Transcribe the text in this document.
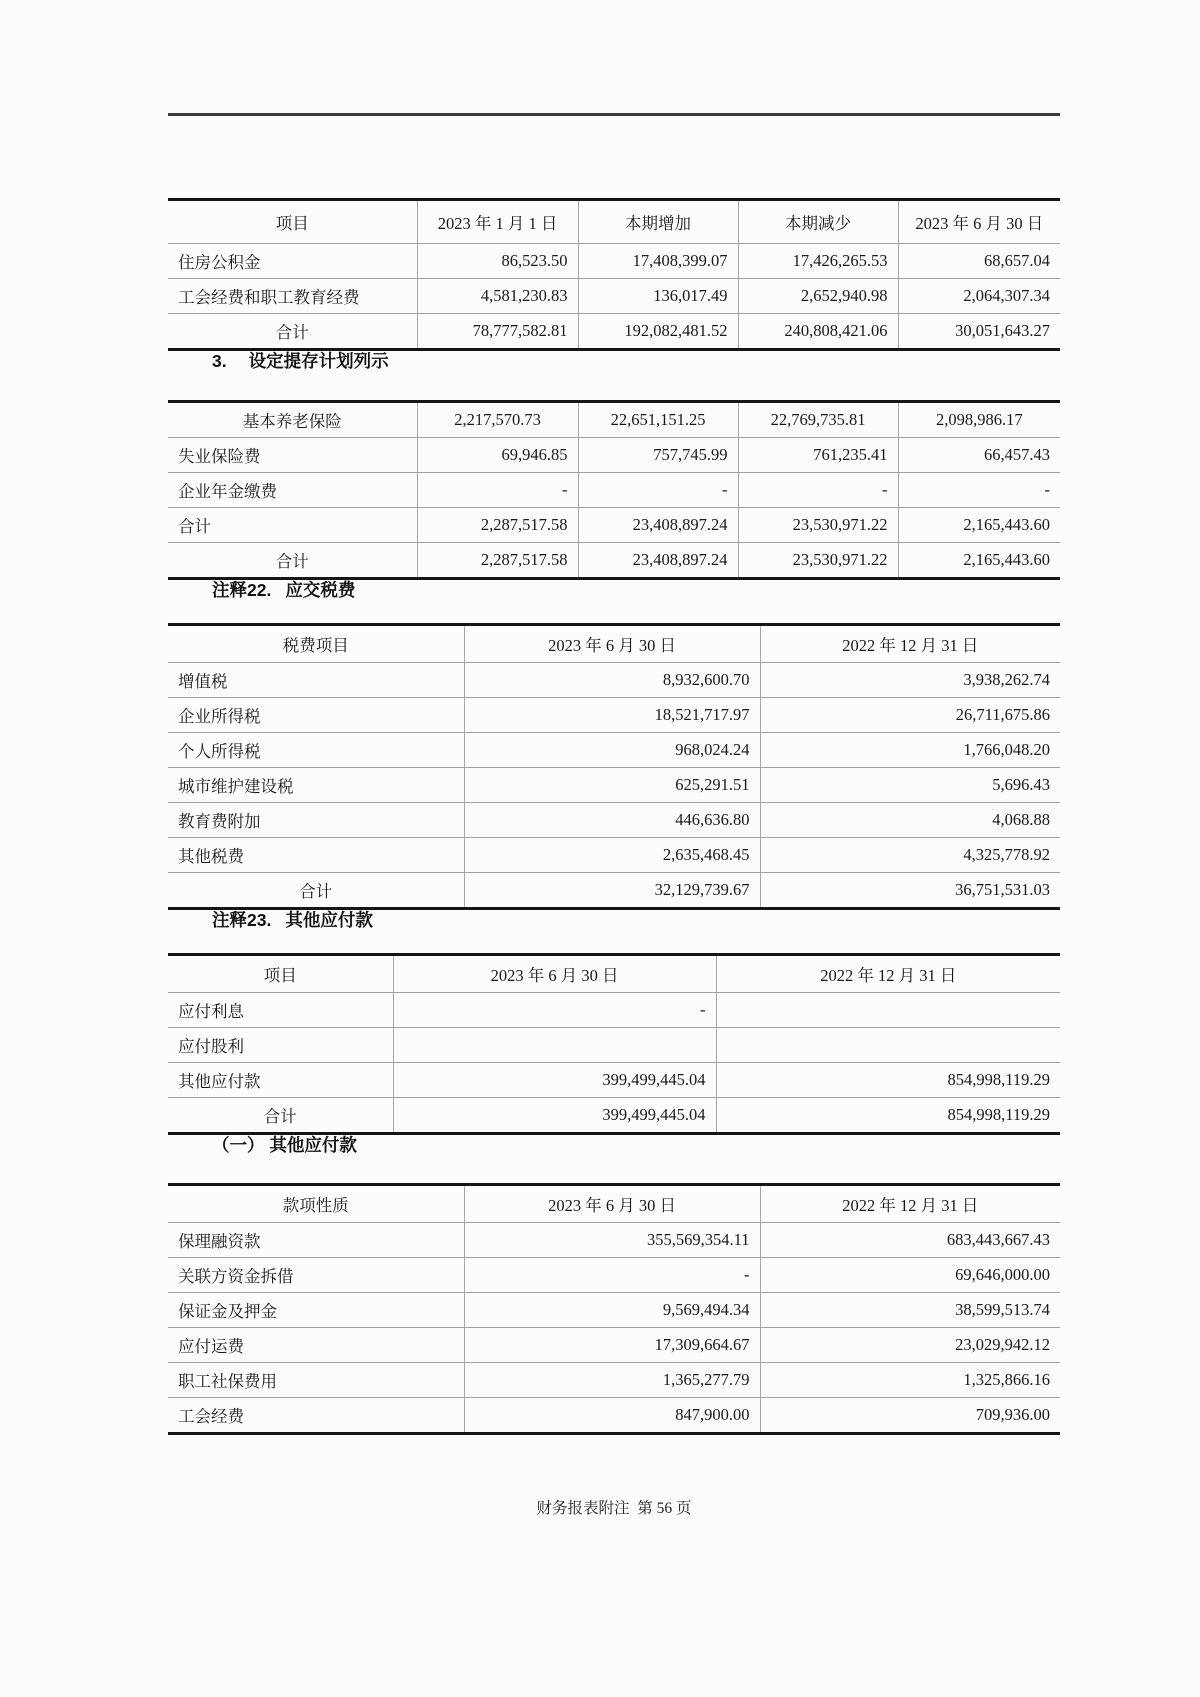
项目	2023 年 1 月 1 日	本期增加	本期减少	2023 年 6 月 30 日
住房公积金	86,523.50	17,408,399.07	17,426,265.53	68,657.04
工会经费和职工教育经费	4,581,230.83	136,017.49	2,652,940.98	2,064,307.34
合计	78,777,582.81	192,082,481.52	240,808,421.06	30,051,643.27
3. 设定提存计划列示
基本养老保险	2,217,570.73	22,651,151.25	22,769,735.81	2,098,986.17
失业保险费	69,946.85	757,745.99	761,235.41	66,457.43
企业年金缴费	-	-	-	-
合计	2,287,517.58	23,408,897.24	23,530,971.22	2,165,443.60
合计	2,287,517.58	23,408,897.24	23,530,971.22	2,165,443.60
注释22. 应交税费
税费项目	2023 年 6 月 30 日	2022 年 12 月 31 日
增值税	8,932,600.70	3,938,262.74
企业所得税	18,521,717.97	26,711,675.86
个人所得税	968,024.24	1,766,048.20
城市维护建设税	625,291.51	5,696.43
教育费附加	446,636.80	4,068.88
其他税费	2,635,468.45	4,325,778.92
合计	32,129,739.67	36,751,531.03
注释23. 其他应付款
项目	2023 年 6 月 30 日	2022 年 12 月 31 日
应付利息	-	
应付股利		
其他应付款	399,499,445.04	854,998,119.29
合计	399,499,445.04	854,998,119.29
（一） 其他应付款
款项性质	2023 年 6 月 30 日	2022 年 12 月 31 日
保理融资款	355,569,354.11	683,443,667.43
关联方资金拆借	-	69,646,000.00
保证金及押金	9,569,494.34	38,599,513.74
应付运费	17,309,664.67	23,029,942.12
职工社保费用	1,365,277.79	1,325,866.16
工会经费	847,900.00	709,936.00
财务报表附注  第 56 页
